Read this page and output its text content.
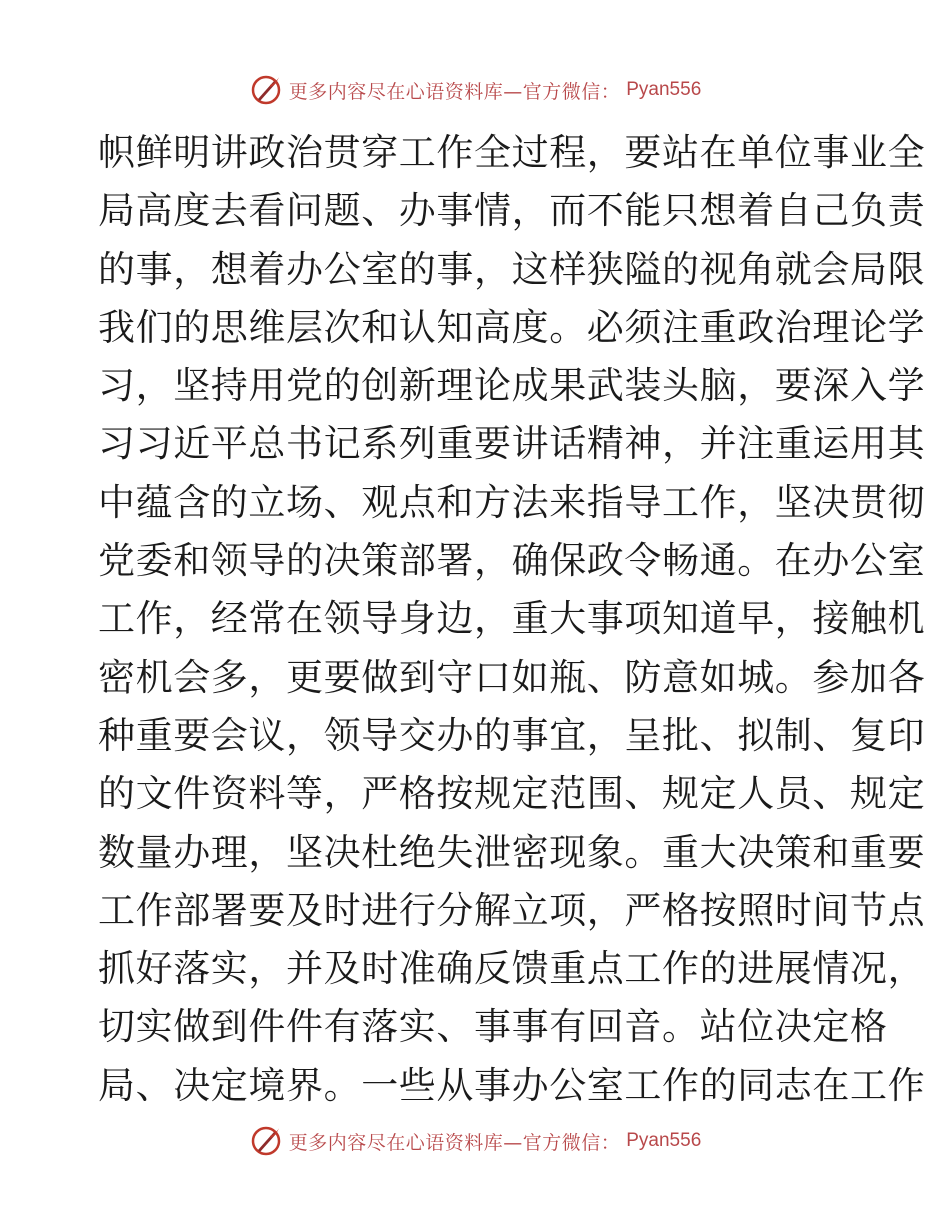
更多内容尽在心语资料库—官方微信： Pyan556
帜鲜明讲政治贯穿工作全过程，要站在单位事业全
局高度去看问题、办事情，而不能只想着自己负责
的事，想着办公室的事，这样狭隘的视角就会局限
我们的思维层次和认知高度。必须注重政治理论学
习，坚持用党的创新理论成果武装头脑，要深入学
习习近平总书记系列重要讲话精神，并注重运用其
中蕴含的立场、观点和方法来指导工作，坚决贯彻
党委和领导的决策部署，确保政令畅通。在办公室
工作，经常在领导身边，重大事项知道早，接触机
密机会多，更要做到守口如瓶、防意如城。参加各
种重要会议，领导交办的事宜，呈批、拟制、复印
的文件资料等，严格按规定范围、规定人员、规定
数量办理，坚决杜绝失泄密现象。重大决策和重要
工作部署要及时进行分解立项，严格按照时间节点
抓好落实，并及时准确反馈重点工作的进展情况，
切实做到件件有落实、事事有回音。站位决定格
局、决定境界。一些从事办公室工作的同志在工作
更多内容尽在心语资料库—官方微信： Pyan556
